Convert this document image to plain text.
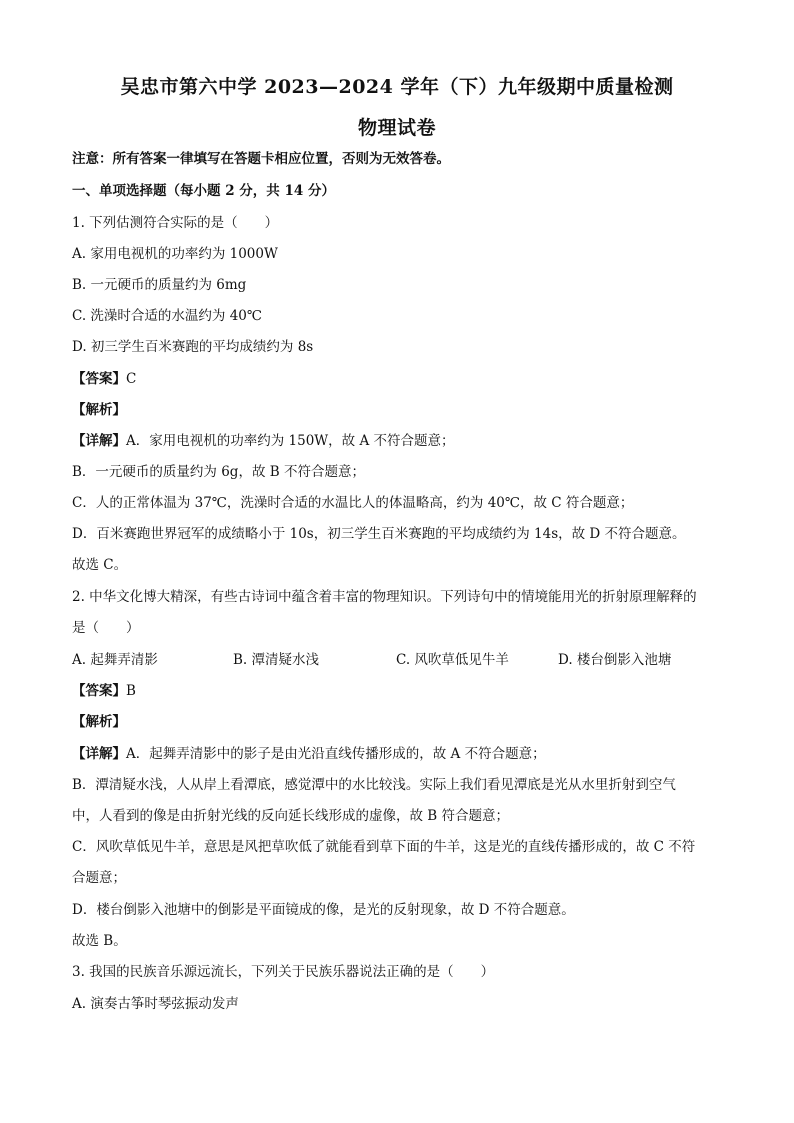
吴忠市第六中学 2023—2024 学年（下）九年级期中质量检测
物理试卷
注意：所有答案一律填写在答题卡相应位置，否则为无效答卷。
一、单项选择题（每小题 2 分，共 14 分）
1. 下列估测符合实际的是（　　）
A. 家用电视机的功率约为 1000W
B. 一元硬币的质量约为 6mg
C. 洗澡时合适的水温约为 40℃
D. 初三学生百米赛跑的平均成绩约为 8s
【答案】C
【解析】
【详解】A．家用电视机的功率约为 150W，故 A 不符合题意；
B．一元硬币的质量约为 6g，故 B 不符合题意；
C．人的正常体温为 37℃，洗澡时合适的水温比人的体温略高，约为 40℃，故 C 符合题意；
D．百米赛跑世界冠军的成绩略小于 10s，初三学生百米赛跑的平均成绩约为 14s，故 D 不符合题意。
故选 C。
2. 中华文化博大精深，有些古诗词中蕴含着丰富的物理知识。下列诗句中的情境能用光的折射原理解释的
是（　　）
A. 起舞弄清影	B. 潭清疑水浅	C. 风吹草低见牛羊	D. 楼台倒影入池塘
【答案】B
【解析】
【详解】A．起舞弄清影中的影子是由光沿直线传播形成的，故 A 不符合题意；
B．潭清疑水浅，人从岸上看潭底，感觉潭中的水比较浅。实际上我们看见潭底是光从水里折射到空气
中，人看到的像是由折射光线的反向延长线形成的虚像，故 B 符合题意；
C．风吹草低见牛羊，意思是风把草吹低了就能看到草下面的牛羊，这是光的直线传播形成的，故 C 不符
合题意；
D．楼台倒影入池塘中的倒影是平面镜成的像，是光的反射现象，故 D 不符合题意。
故选 B。
3. 我国的民族音乐源远流长，下列关于民族乐器说法正确的是（　　）
A. 演奏古筝时琴弦振动发声
